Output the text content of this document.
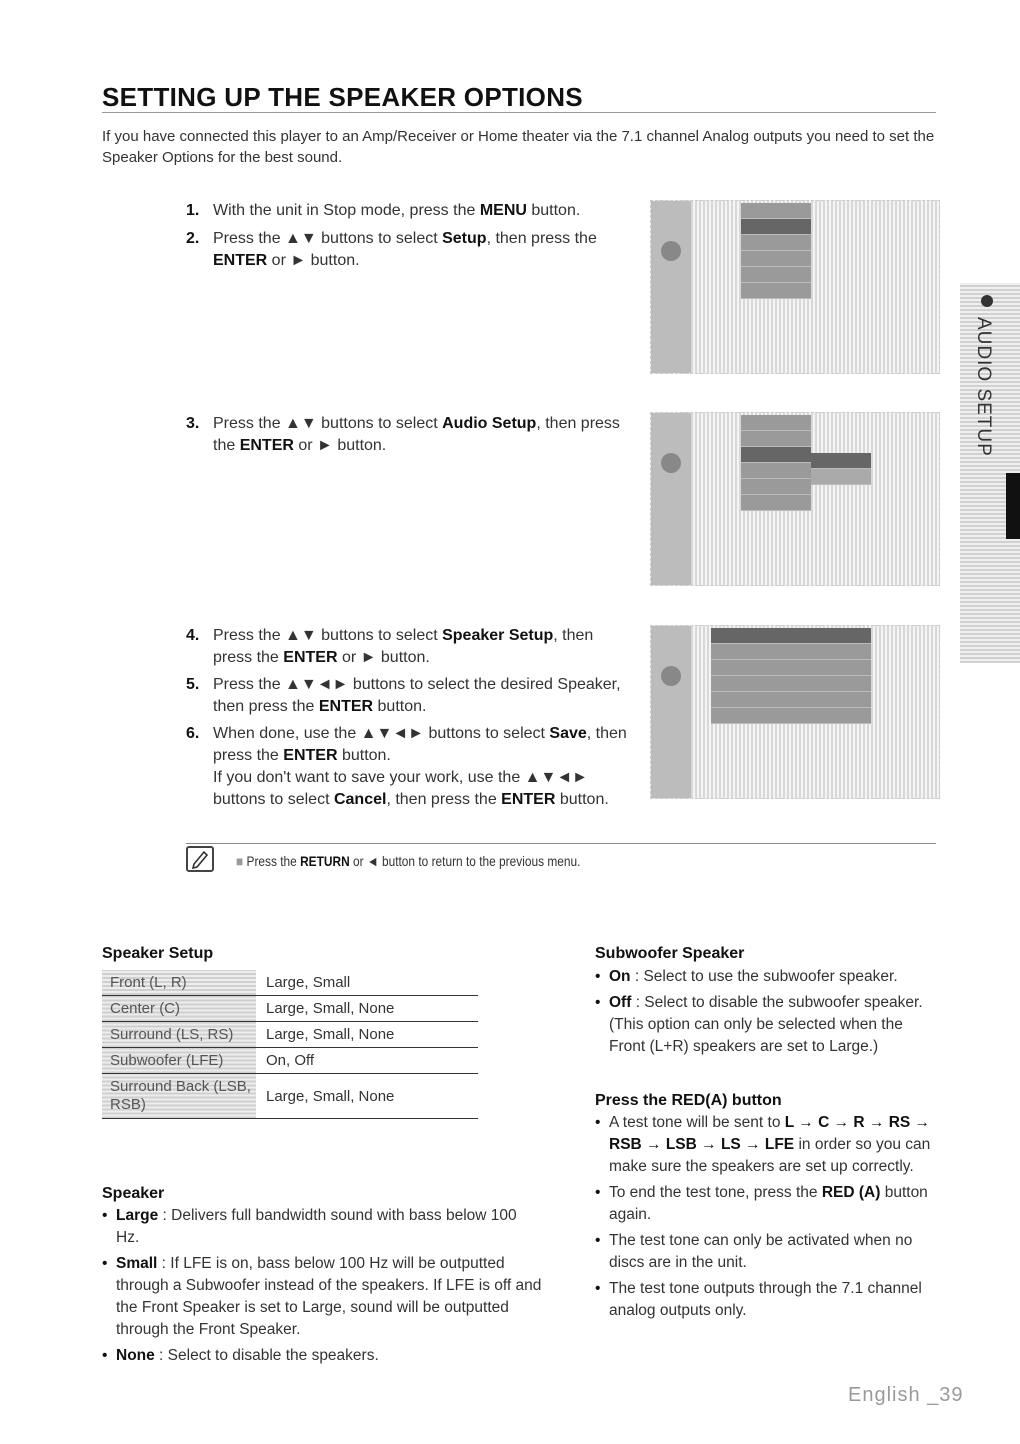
SETTING UP THE SPEAKER OPTIONS
If you have connected this player to an Amp/Receiver or Home theater via the 7.1 channel Analog outputs you need to set the Speaker Options for the best sound.
1. With the unit in Stop mode, press the MENU button.
2. Press the ▲▼ buttons to select Setup, then press the ENTER or ► button.
3. Press the ▲▼ buttons to select Audio Setup, then press the ENTER or ► button.
4. Press the ▲▼ buttons to select Speaker Setup, then press the ENTER or ► button.
5. Press the ▲▼◄► buttons to select the desired Speaker, then press the ENTER button.
6. When done, use the ▲▼◄► buttons to select Save, then press the ENTER button.
If you don't want to save your work, use the ▲▼◄► buttons to select Cancel, then press the ENTER button.

AUDIO SETUP
■ Press the RETURN or ◄ button to return to the previous menu.
Speaker Setup
Front (L, R)	Large, Small
Center (C)	Large, Small, None
Surround (LS, RS)	Large, Small, None
Subwoofer (LFE)	On, Off
Surround Back (LSB, RSB)	Large, Small, None
Speaker
• Large : Delivers full bandwidth sound with bass below 100 Hz.
• Small : If LFE is on, bass below 100 Hz will be outputted through a Subwoofer instead of the speakers. If LFE is off and the Front Speaker is set to Large, sound will be outputted through the Front Speaker.
• None : Select to disable the speakers.
Subwoofer Speaker
• On : Select to use the subwoofer speaker.
• Off : Select to disable the subwoofer speaker. (This option can only be selected when the Front (L+R) speakers are set to Large.)
Press the RED(A) button
• A test tone will be sent to L → C → R → RS → RSB → LSB → LS → LFE in order so you can make sure the speakers are set up correctly.
• To end the test tone, press the RED (A) button again.
• The test tone can only be activated when no discs are in the unit.
• The test tone outputs through the 7.1 channel analog outputs only.
English _39
